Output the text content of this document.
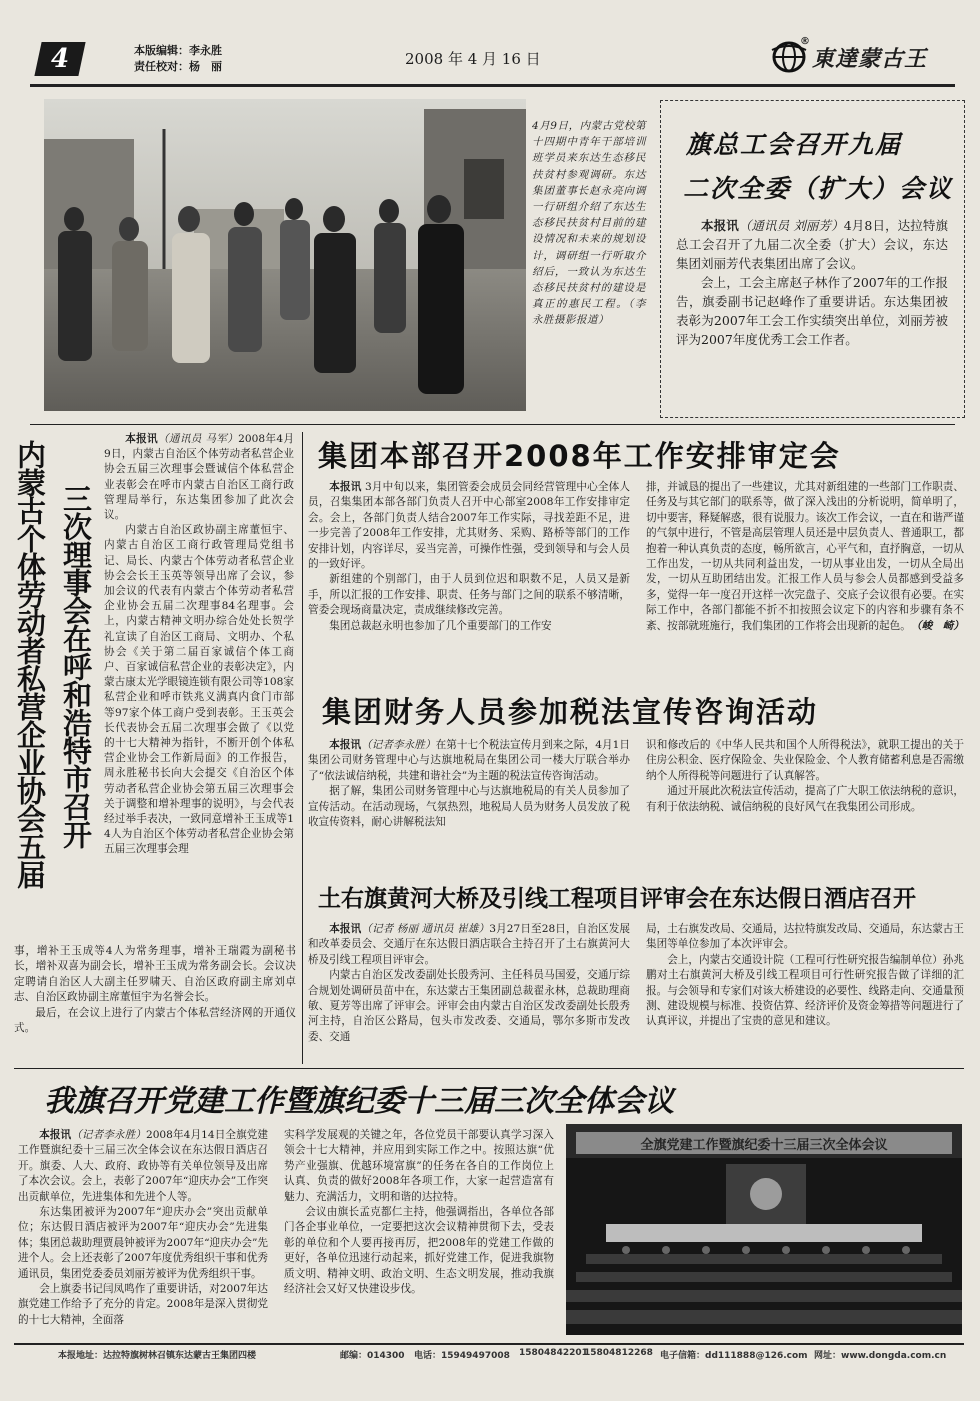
4	本版编辑：李永胜
责任校对：杨　丽	2008 年 4 月 16 日
®
東達蒙古王
4月9日，内蒙古党校第十四期中青年干部培训班学员来东达生态移民扶贫村参观调研。东达集团董事长赵永亮向调一行研组介绍了东达生态移民扶贫村目前的建设情况和未来的规划设计，调研组一行听取介绍后，一致认为东达生态移民扶贫村的建设是真正的惠民工程。（李永胜摄影报道）
旗总工会召开九届
二次全委（扩大）会议

本报讯（通讯员 刘丽芳）4月8日，达拉特旗总工会召开了九届二次全委（扩大）会议，东达集团刘丽芳代表集团出席了会议。

会上，工会主席赵子林作了2007年的工作报告，旗委副书记赵峰作了重要讲话。东达集团被表彰为2007年工会工作实绩突出单位，刘丽芳被评为2007年度优秀工会工作者。

内蒙古个体劳动者私营企业协会五届 三次理事会在呼和浩特市召开

本报讯（通讯员 马军）2008年4月9日，内蒙古自治区个体劳动者私营企业协会五届三次理事会暨诚信个体私营企业表彰会在呼市内蒙古自治区工商行政管理局举行，东达集团参加了此次会议。

内蒙古自治区政协副主席董恒宇、内蒙古自治区工商行政管理局党组书记、局长、内蒙古个体劳动者私营企业协会会长王玉英等领导出席了会议，参加会议的代表有内蒙古个体劳动者私营企业协会五届二次理事84名理事。会上，内蒙古精神文明办综合处处长贺学礼宣读了自治区工商局、文明办、个私协会《关于第二届百家诚信个体工商户、百家诚信私营企业的表彰决定》，内蒙古康太光学眼镜连锁有限公司等108家私营企业和呼市铁兆义满真内食门市部等97家个体工商户受到表彰。王玉英会长代表协会五届二次理事会做了《以党的十七大精神为指针，不断开创个体私营企业协会工作新局面》的工作报告，周永胜秘书长向大会提交《自治区个体劳动者私营企业协会第五届三次理事会关于调整和增补理事的说明》，与会代表经过举手表决，一致同意增补王玉成等14人为自治区个体劳动者私营企业协会第五届三次理事会理

事，增补王玉成等4人为常务理事，增补王瑞霞为副秘书长，增补双喜为副会长，增补王玉成为常务副会长。会议决定聘请自治区人大副主任罗啸天、自治区政府副主席刘卓志、自治区政协副主席董恒宇为名誉会长。

最后，在会议上进行了内蒙古个体私营经济网的开通仪式。

集团本部召开2008年工作安排审定会

本报讯 3月中旬以来，集团管委会成员会同经营管理中心全体人员，召集集团本部各部门负责人召开中心部室2008年工作安排审定会。会上，各部门负责人结合2007年工作实际，寻找差距不足，进一步完善了2008年工作安排，尤其财务、采购、路桥等部门的工作安排计划，内容详尽，妥当完善，可操作性强，受到领导和与会人员的一致好评。

新组建的个别部门，由于人员到位迟和职数不足，人员又是新手，所以汇报的工作安排、职责、任务与部门之间的联系不够清晰，管委会现场商量决定，责成继续修改完善。

集团总裁赵永明也参加了几个重要部门的工作安

排，并诚恳的提出了一些建议，尤其对新组建的一些部门工作职责、任务及与其它部门的联系等，做了深入浅出的分析说明，简单明了，切中要害，释疑解惑，很有说服力。该次工作会议，一直在和谐严谨的气氛中进行，不管是高层管理人员还是中层负责人、普通职工，都抱着一种认真负责的态度，畅所欲言，心平气和，直抒胸意，一切从工作出发，一切从共同利益出发，一切从事业出发，一切从全局出发，一切从互助团结出发。汇报工作人员与参会人员都感到受益多多，觉得一年一度召开这样一次完盘子、交底子会议很有必要。在实际工作中，各部门都能不折不扣按照会议定下的内容和步骤有条不紊、按部就班施行，我们集团的工作将会出现新的起色。 （峻　崎）

集团财务人员参加税法宣传咨询活动

本报讯（记者李永胜）在第十七个税法宣传月到来之际，4月1日集团公司财务管理中心与达旗地税局在集团公司一楼大厅联合举办了“依法诚信纳税，共建和谐社会”为主题的税法宣传咨询活动。

据了解，集团公司财务管理中心与达旗地税局的有关人员参加了宣传活动。在活动现场，气氛热烈，地税局人员为财务人员发放了税收宣传资料，耐心讲解税法知

识和修改后的《中华人民共和国个人所得税法》，就职工提出的关于住房公积金、医疗保险金、失业保险金、个人教育储蓄利息是否需缴纳个人所得税等问题进行了认真解答。

通过开展此次税法宣传活动，提高了广大职工依法纳税的意识，有利于依法纳税、诚信纳税的良好风气在我集团公司形成。

土右旗黄河大桥及引线工程项目评审会在东达假日酒店召开

本报讯（记者 杨丽 通讯员 崔雄）3月27日至28日，自治区发展和改革委员会、交通厅在东达假日酒店联合主持召开了土右旗黄河大桥及引线工程项目评审会。

内蒙古自治区发改委副处长殷秀河、主任科员马国爱，交通厅综合规划处调研员苗中在，东达蒙古王集团副总裁翟永林，总裁助理商敏、夏芳等出席了评审会。评审会由内蒙古自治区发改委副处长殷秀河主持，自治区公路局，包头市发改委、交通局，鄂尔多斯市发改委、交通

局，土右旗发改局、交通局，达拉特旗发改局、交通局，东达蒙古王集团等单位参加了本次评审会。

会上，内蒙古交通设计院（工程可行性研究报告编制单位）孙兆鹏对土右旗黄河大桥及引线工程项目可行性研究报告做了详细的汇报。与会领导和专家们对该大桥建设的必要性、线路走向、交通量预测、建设规模与标准、投资估算、经济评价及资金筹措等问题进行了认真评议，并提出了宝贵的意见和建议。

我旗召开党建工作暨旗纪委十三届三次全体会议

本报讯（记者李永胜）2008年4月14日全旗党建工作暨旗纪委十三届三次全体会议在东达假日酒店召开。旗委、人大、政府、政协等有关单位领导及出席了本次会议。会上，表彰了2007年“迎庆办会”工作突出贡献单位，先进集体和先进个人等。

东达集团被评为2007年“迎庆办会”突出贡献单位；东达假日酒店被评为2007年“迎庆办会”先进集体；集团总裁助理贾晨钟被评为2007年“迎庆办会”先进个人。会上还表彰了2007年度优秀组织干事和优秀通讯员，集团党委委员刘丽芳被评为优秀组织干事。

会上旗委书记闫凤鸣作了重要讲话，对2007年达旗党建工作给予了充分的肯定。2008年是深入贯彻党的十七大精神，全面落

实科学发展观的关键之年，各位党员干部要认真学习深入领会十七大精神，并应用到实际工作之中。按照达旗“优势产业强旗、优越环境富旗”的任务在各自的工作岗位上认真、负责的做好2008年各项工作，大家一起营造富有魅力、充满活力，文明和谐的达拉特。

会议由旗长孟克都仁主持，他强调指出，各单位各部门各企事业单位，一定要把这次会议精神贯彻下去，受表彰的单位和个人要再接再厉，把2008年的党建工作做的更好，各单位迅速行动起来，抓好党建工作，促进我旗物质文明、精神文明、政治文明、生态文明发展，推动我旗经济社会又好又快建设步伐。

全旗党建工作暨旗纪委十三届三次全体会议
本报地址：达拉特旗树林召镇东达蒙古王集团四楼	邮编：014300 电话：15949497008 15804842201
15804812268 电子信箱：dd111888@126.com 网址：www.dongda.com.cn
